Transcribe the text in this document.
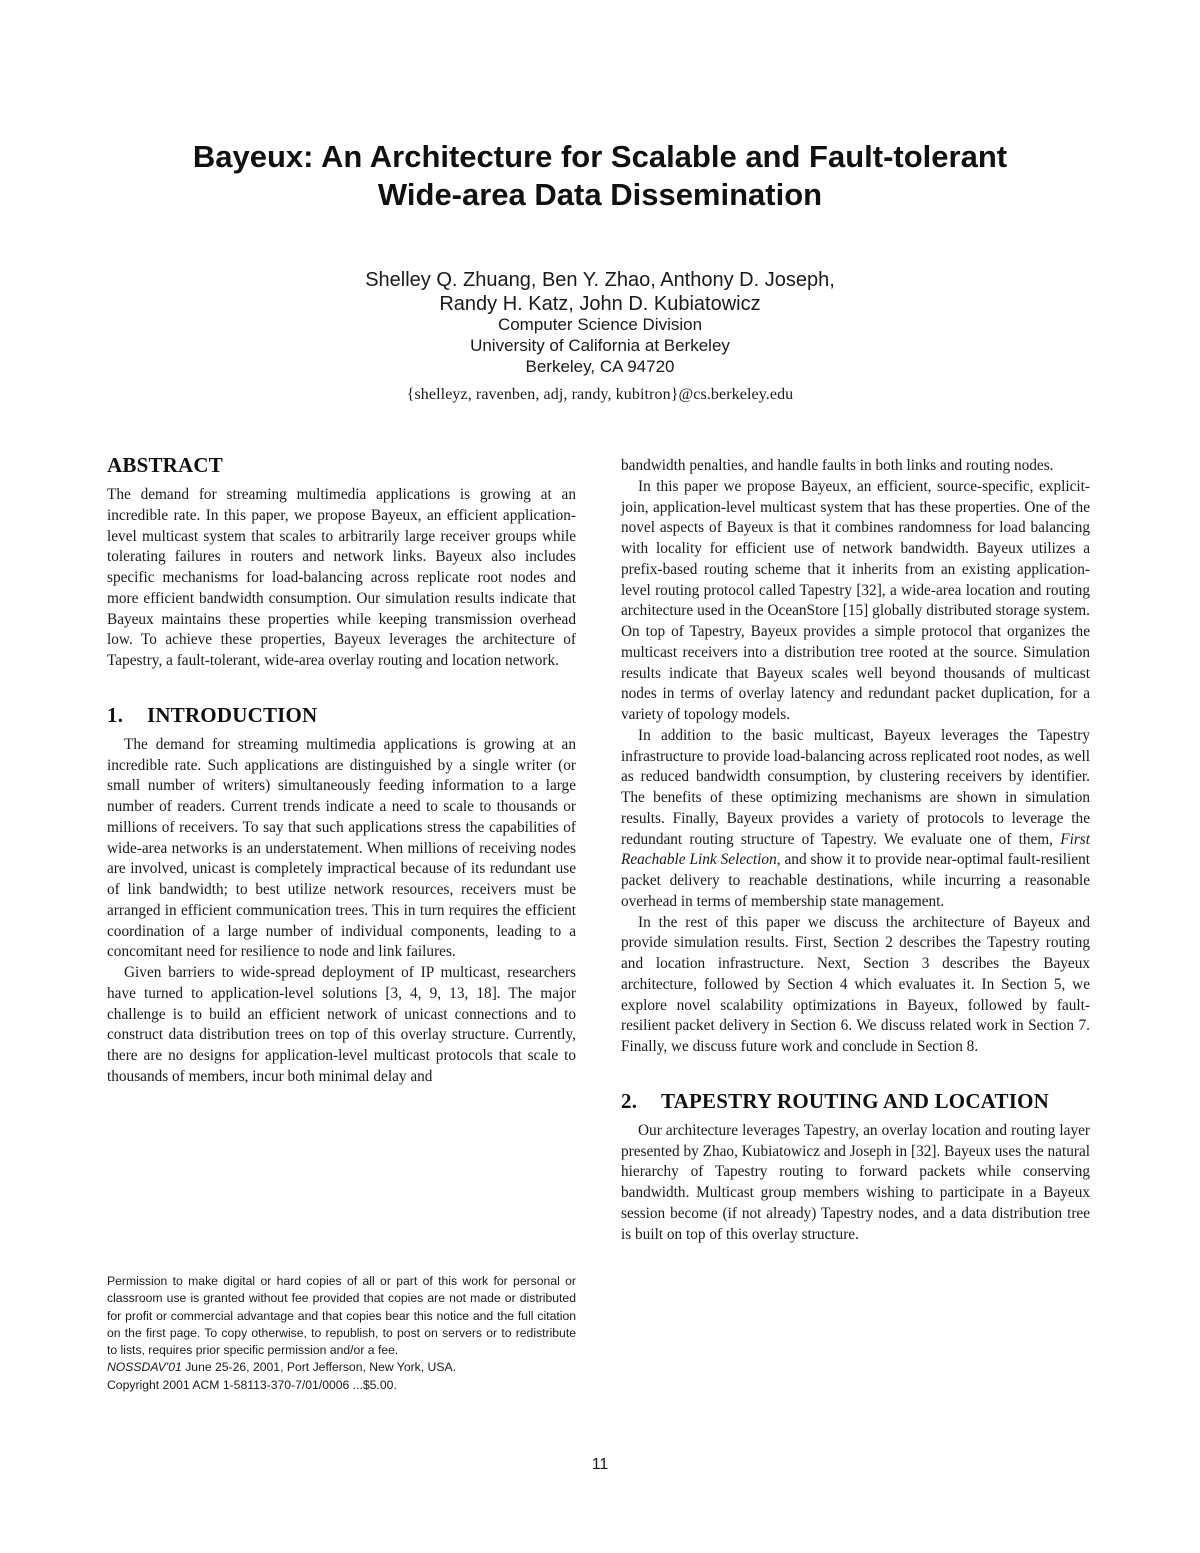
Bayeux: An Architecture for Scalable and Fault-tolerant
Wide-area Data Dissemination
Shelley Q. Zhuang, Ben Y. Zhao, Anthony D. Joseph,
Randy H. Katz, John D. Kubiatowicz
Computer Science Division
University of California at Berkeley
Berkeley, CA 94720
{shelleyz, ravenben, adj, randy, kubitron}@cs.berkeley.edu
ABSTRACT

The demand for streaming multimedia applications is growing at an incredible rate. In this paper, we propose Bayeux, an efficient application-level multicast system that scales to arbitrarily large receiver groups while tolerating failures in routers and network links. Bayeux also includes specific mechanisms for load-balancing across replicate root nodes and more efficient bandwidth consumption. Our simulation results indicate that Bayeux maintains these properties while keeping transmission overhead low. To achieve these properties, Bayeux leverages the architecture of Tapestry, a fault-tolerant, wide-area overlay routing and location network.

1. INTRODUCTION

The demand for streaming multimedia applications is growing at an incredible rate. Such applications are distinguished by a single writer (or small number of writers) simultaneously feeding information to a large number of readers. Current trends indicate a need to scale to thousands or millions of receivers. To say that such applications stress the capabilities of wide-area networks is an understatement. When millions of receiving nodes are involved, unicast is completely impractical because of its redundant use of link bandwidth; to best utilize network resources, receivers must be arranged in efficient communication trees. This in turn requires the efficient coordination of a large number of individual components, leading to a concomitant need for resilience to node and link failures.

Given barriers to wide-spread deployment of IP multicast, researchers have turned to application-level solutions [3, 4, 9, 13, 18]. The major challenge is to build an efficient network of unicast connections and to construct data distribution trees on top of this overlay structure. Currently, there are no designs for application-level multicast protocols that scale to thousands of members, incur both minimal delay and

Permission to make digital or hard copies of all or part of this work for personal or classroom use is granted without fee provided that copies are not made or distributed for profit or commercial advantage and that copies bear this notice and the full citation on the first page. To copy otherwise, to republish, to post on servers or to redistribute to lists, requires prior specific permission and/or a fee.

NOSSDAV'01 June 25-26, 2001, Port Jefferson, New York, USA.

Copyright 2001 ACM 1-58113-370-7/01/0006 ...$5.00.

bandwidth penalties, and handle faults in both links and routing nodes.

In this paper we propose Bayeux, an efficient, source-specific, explicit-join, application-level multicast system that has these properties. One of the novel aspects of Bayeux is that it combines randomness for load balancing with locality for efficient use of network bandwidth. Bayeux utilizes a prefix-based routing scheme that it inherits from an existing application-level routing protocol called Tapestry [32], a wide-area location and routing architecture used in the OceanStore [15] globally distributed storage system. On top of Tapestry, Bayeux provides a simple protocol that organizes the multicast receivers into a distribution tree rooted at the source. Simulation results indicate that Bayeux scales well beyond thousands of multicast nodes in terms of overlay latency and redundant packet duplication, for a variety of topology models.

In addition to the basic multicast, Bayeux leverages the Tapestry infrastructure to provide load-balancing across replicated root nodes, as well as reduced bandwidth consumption, by clustering receivers by identifier. The benefits of these optimizing mechanisms are shown in simulation results. Finally, Bayeux provides a variety of protocols to leverage the redundant routing structure of Tapestry. We evaluate one of them, First Reachable Link Selection, and show it to provide near-optimal fault-resilient packet delivery to reachable destinations, while incurring a reasonable overhead in terms of membership state management.

In the rest of this paper we discuss the architecture of Bayeux and provide simulation results. First, Section 2 describes the Tapestry routing and location infrastructure. Next, Section 3 describes the Bayeux architecture, followed by Section 4 which evaluates it. In Section 5, we explore novel scalability optimizations in Bayeux, followed by fault-resilient packet delivery in Section 6. We discuss related work in Section 7. Finally, we discuss future work and conclude in Section 8.

2. TAPESTRY ROUTING AND LOCATION

Our architecture leverages Tapestry, an overlay location and routing layer presented by Zhao, Kubiatowicz and Joseph in [32]. Bayeux uses the natural hierarchy of Tapestry routing to forward packets while conserving bandwidth. Multicast group members wishing to participate in a Bayeux session become (if not already) Tapestry nodes, and a data distribution tree is built on top of this overlay structure.

11
